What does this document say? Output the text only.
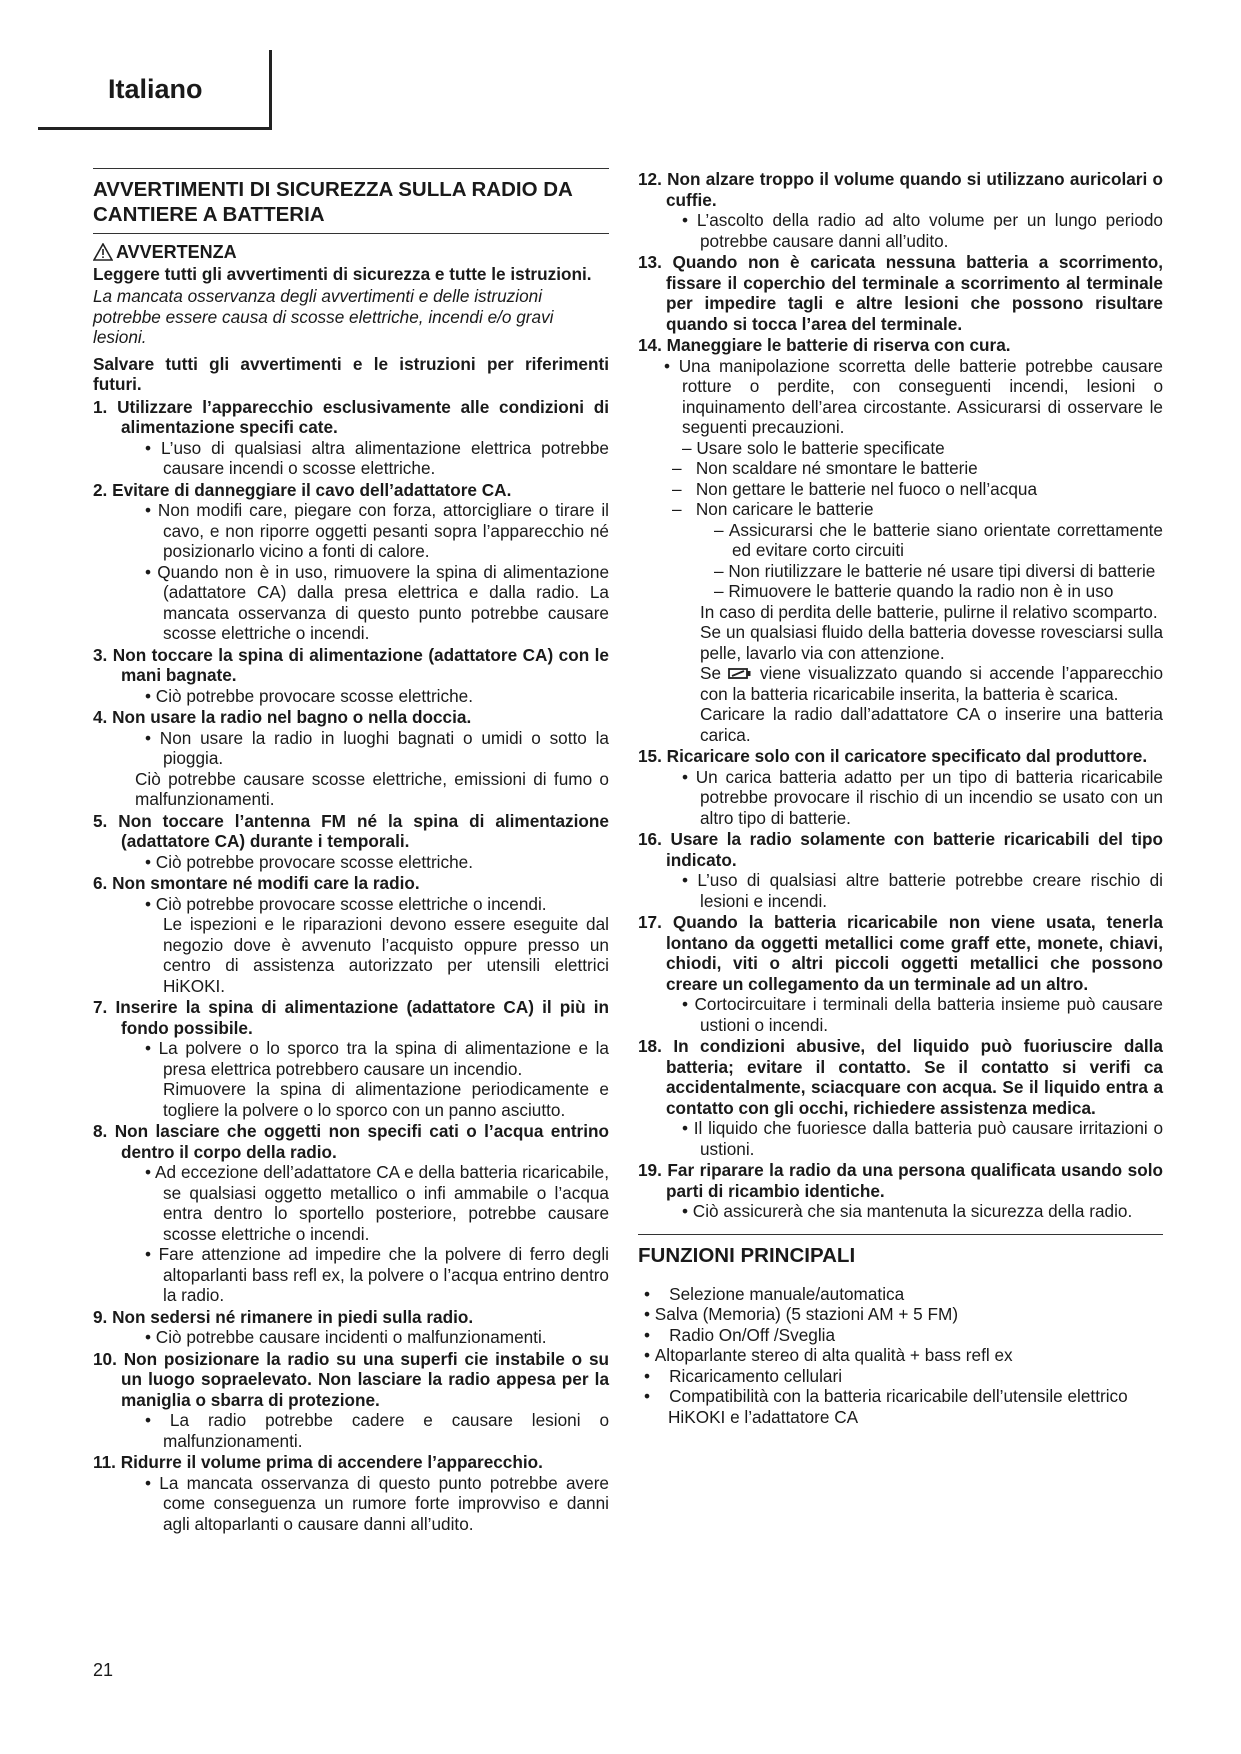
Italiano
AVVERTIMENTI DI SICUREZZA SULLA RADIO DA CANTIERE A BATTERIA
AVVERTENZA
Leggere tutti gli avvertimenti di sicurezza e tutte le istruzioni.
La mancata osservanza degli avvertimenti e delle istruzioni potrebbe essere causa di scosse elettriche, incendi e/o gravi lesioni.
Salvare tutti gli avvertimenti e le istruzioni per riferimenti futuri.
1. Utilizzare l’apparecchio esclusivamente alle condizioni di alimentazione specifi cate.
• L’uso di qualsiasi altra alimentazione elettrica potrebbe causare incendi o scosse elettriche.
2. Evitare di danneggiare il cavo dell’adattatore CA.
• Non modifi care, piegare con forza, attorcigliare o tirare il cavo, e non riporre oggetti pesanti sopra l’apparecchio né posizionarlo vicino a fonti di calore.
• Quando non è in uso, rimuovere la spina di alimentazione (adattatore CA) dalla presa elettrica e dalla radio. La mancata osservanza di questo punto potrebbe causare scosse elettriche o incendi.
3. Non toccare la spina di alimentazione (adattatore CA) con le mani bagnate.
• Ciò potrebbe provocare scosse elettriche.
4. Non usare la radio nel bagno o nella doccia.
• Non usare la radio in luoghi bagnati o umidi o sotto la pioggia.
Ciò potrebbe causare scosse elettriche, emissioni di fumo o malfunzionamenti.
5. Non toccare l’antenna FM né la spina di alimentazione (adattatore CA) durante i temporali.
• Ciò potrebbe provocare scosse elettriche.
6. Non smontare né modifi care la radio.
• Ciò potrebbe provocare scosse elettriche o incendi.
Le ispezioni e le riparazioni devono essere eseguite dal negozio dove è avvenuto l’acquisto oppure presso un centro di assistenza autorizzato per utensili elettrici HiKOKI.
7. Inserire la spina di alimentazione (adattatore CA) il più in fondo possibile.
• La polvere o lo sporco tra la spina di alimentazione e la presa elettrica potrebbero causare un incendio.
Rimuovere la spina di alimentazione periodicamente e togliere la polvere o lo sporco con un panno asciutto.
8. Non lasciare che oggetti non specifi cati o l’acqua entrino dentro il corpo della radio.
• Ad eccezione dell’adattatore CA e della batteria ricaricabile, se qualsiasi oggetto metallico o infi ammabile o l’acqua entra dentro lo sportello posteriore, potrebbe causare scosse elettriche o incendi.
• Fare attenzione ad impedire che la polvere di ferro degli altoparlanti bass refl ex, la polvere o l’acqua entrino dentro la radio.
9. Non sedersi né rimanere in piedi sulla radio.
• Ciò potrebbe causare incidenti o malfunzionamenti.
10. Non posizionare la radio su una superfi cie instabile o su un luogo sopraelevato. Non lasciare la radio appesa per la maniglia o sbarra di protezione.
• La radio potrebbe cadere e causare lesioni o malfunzionamenti.
11. Ridurre il volume prima di accendere l’apparecchio.
• La mancata osservanza di questo punto potrebbe avere come conseguenza un rumore forte improvviso e danni agli altoparlanti o causare danni all’udito.
12. Non alzare troppo il volume quando si utilizzano auricolari o cuffie.
• L’ascolto della radio ad alto volume per un lungo periodo potrebbe causare danni all’udito.
13. Quando non è caricata nessuna batteria a scorrimento, fissare il coperchio del terminale a scorrimento al terminale per impedire tagli e altre lesioni che possono risultare quando si tocca l’area del terminale.
14. Maneggiare le batterie di riserva con cura.
• Una manipolazione scorretta delle batterie potrebbe causare rotture o perdite, con conseguenti incendi, lesioni o inquinamento dell’area circostante. Assicurarsi di osservare le seguenti precauzioni.
– Usare solo le batterie specificate
–   Non scaldare né smontare le batterie
–   Non gettare le batterie nel fuoco o nell’acqua
–   Non caricare le batterie
– Assicurarsi che le batterie siano orientate correttamente ed evitare corto circuiti
– Non riutilizzare le batterie né usare tipi diversi di batterie
– Rimuovere le batterie quando la radio non è in uso
In caso di perdita delle batterie, pulirne il relativo scomparto.
Se un qualsiasi fluido della batteria dovesse rovesciarsi sulla pelle, lavarlo via con attenzione.
Se viene visualizzato quando si accende l’apparecchio con la batteria ricaricabile inserita, la batteria è scarica.
Caricare la radio dall’adattatore CA o inserire una batteria carica.
15. Ricaricare solo con il caricatore specificato dal produttore.
• Un carica batteria adatto per un tipo di batteria ricaricabile potrebbe provocare il rischio di un incendio se usato con un altro tipo di batterie.
16. Usare la radio solamente con batterie ricaricabili del tipo indicato.
• L’uso di qualsiasi altre batterie potrebbe creare rischio di lesioni e incendi.
17. Quando la batteria ricaricabile non viene usata, tenerla lontano da oggetti metallici come graff ette, monete, chiavi, chiodi, viti o altri piccoli oggetti metallici che possono creare un collegamento da un terminale ad un altro.
• Cortocircuitare i terminali della batteria insieme può causare ustioni o incendi.
18. In condizioni abusive, del liquido può fuoriuscire dalla batteria; evitare il contatto. Se il contatto si verifi ca accidentalmente, sciacquare con acqua. Se il liquido entra a contatto con gli occhi, richiedere assistenza medica.
• Il liquido che fuoriesce dalla batteria può causare irritazioni o ustioni.
19. Far riparare la radio da una persona qualificata usando solo parti di ricambio identiche.
• Ciò assicurerà che sia mantenuta la sicurezza della radio.
FUNZIONI PRINCIPALI
•    Selezione manuale/automatica
• Salva (Memoria) (5 stazioni AM + 5 FM)
•    Radio On/Off /Sveglia
• Altoparlante stereo di alta qualità + bass refl ex
•    Ricaricamento cellulari
•    Compatibilità con la batteria ricaricabile dell’utensile elettrico HiKOKI e l’adattatore CA
21
